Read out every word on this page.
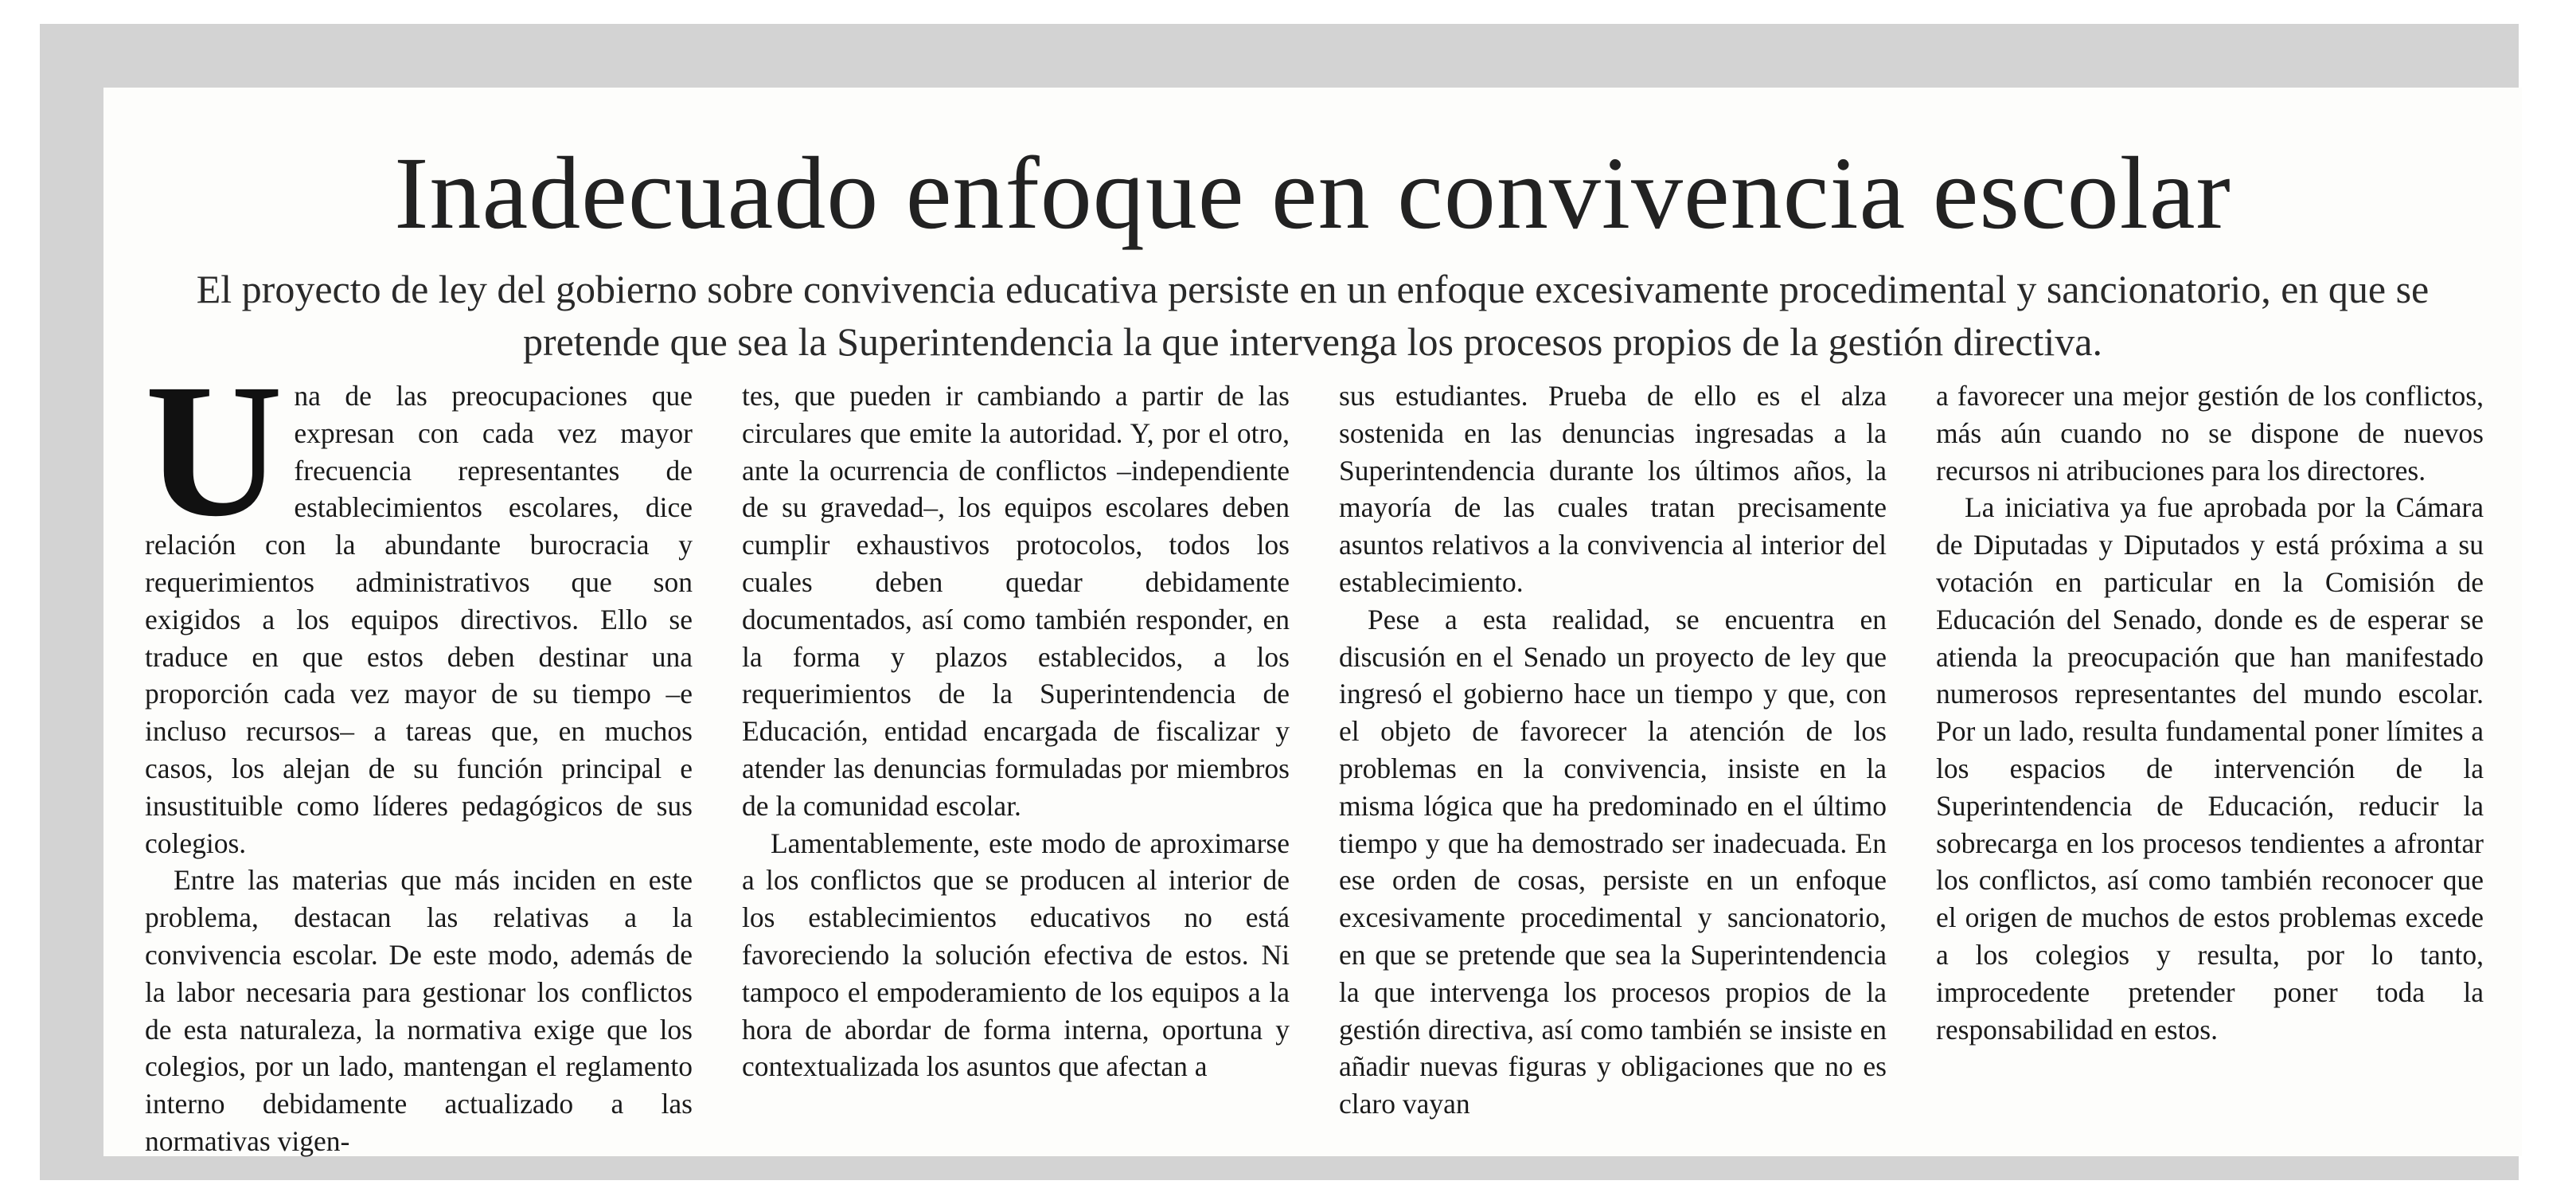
Inadecuado enfoque en convivencia escolar

El proyecto de ley del gobierno sobre convivencia educativa persiste en un enfoque excesivamente procedimental y sancionatorio, en que se pretende que sea la Superintendencia la que intervenga los procesos propios de la gestión directiva.

Una de las preocupaciones que expresan con cada vez mayor frecuencia representantes de establecimientos escolares, dice relación con la abundante burocracia y requerimientos administrativos que son exigidos a los equipos directivos. Ello se traduce en que estos deben destinar una proporción cada vez mayor de su tiempo –e incluso recursos– a tareas que, en muchos casos, los alejan de su función principal e insustituible como líderes pedagógicos de sus colegios.

Entre las materias que más inciden en este problema, destacan las relativas a la convivencia escolar. De este modo, además de la labor necesaria para gestionar los conflictos de esta naturaleza, la normativa exige que los colegios, por un lado, mantengan el reglamento interno debidamente actualizado a las normativas vigen-

tes, que pueden ir cambiando a partir de las circulares que emite la autoridad. Y, por el otro, ante la ocurrencia de conflictos –independiente de su gravedad–, los equipos escolares deben cumplir exhaustivos protocolos, todos los cuales deben quedar debidamente documentados, así como también responder, en la forma y plazos establecidos, a los requerimientos de la Superintendencia de Educación, entidad encargada de fiscalizar y atender las denuncias formuladas por miembros de la comunidad escolar.

Lamentablemente, este modo de aproximarse a los conflictos que se producen al interior de los establecimientos educativos no está favoreciendo la solución efectiva de estos. Ni tampoco el empoderamiento de los equipos a la hora de abordar de forma interna, oportuna y contextualizada los asuntos que afectan a

sus estudiantes. Prueba de ello es el alza sostenida en las denuncias ingresadas a la Superintendencia durante los últimos años, la mayoría de las cuales tratan precisamente asuntos relativos a la convivencia al interior del establecimiento.

Pese a esta realidad, se encuentra en discusión en el Senado un proyecto de ley que ingresó el gobierno hace un tiempo y que, con el objeto de favorecer la atención de los problemas en la convivencia, insiste en la misma lógica que ha predominado en el último tiempo y que ha demostrado ser inadecuada. En ese orden de cosas, persiste en un enfoque excesivamente procedimental y sancionatorio, en que se pretende que sea la Superintendencia la que intervenga los procesos propios de la gestión directiva, así como también se insiste en añadir nuevas figuras y obligaciones que no es claro vayan

a favorecer una mejor gestión de los conflictos, más aún cuando no se dispone de nuevos recursos ni atribuciones para los directores.

La iniciativa ya fue aprobada por la Cámara de Diputadas y Diputados y está próxima a su votación en particular en la Comisión de Educación del Senado, donde es de esperar se atienda la preocupación que han manifestado numerosos representantes del mundo escolar. Por un lado, resulta fundamental poner límites a los espacios de intervención de la Superintendencia de Educación, reducir la sobrecarga en los procesos tendientes a afrontar los conflictos, así como también reconocer que el origen de muchos de estos problemas excede a los colegios y resulta, por lo tanto, improcedente pretender poner toda la responsabilidad en estos.
